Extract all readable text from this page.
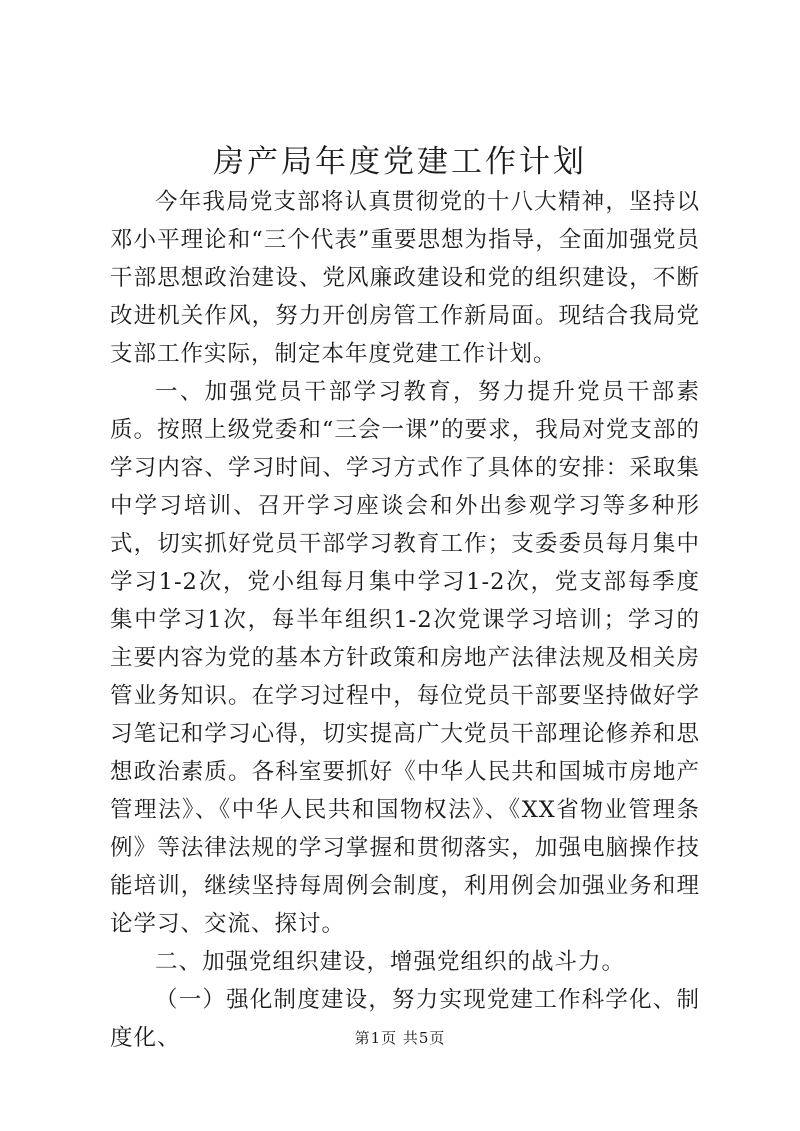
房产局年度党建工作计划

今年我局党支部将认真贯彻党的十八大精神，坚持以邓小平理论和“三个代表”重要思想为指导，全面加强党员干部思想政治建设、党风廉政建设和党的组织建设，不断改进机关作风，努力开创房管工作新局面。现结合我局党支部工作实际，制定本年度党建工作计划。

一、加强党员干部学习教育，努力提升党员干部素质。按照上级党委和“三会一课”的要求，我局对党支部的学习内容、学习时间、学习方式作了具体的安排：采取集中学习培训、召开学习座谈会和外出参观学习等多种形式，切实抓好党员干部学习教育工作；支委委员每月集中学习1-2次，党小组每月集中学习1-2次，党支部每季度集中学习1次，每半年组织1-2次党课学习培训；学习的主要内容为党的基本方针政策和房地产法律法规及相关房管业务知识。在学习过程中，每位党员干部要坚持做好学习笔记和学习心得，切实提高广大党员干部理论修养和思想政治素质。各科室要抓好《中华人民共和国城市房地产管理法》、《中华人民共和国物权法》、《XX省物业管理条例》等法律法规的学习掌握和贯彻落实，加强电脑操作技能培训，继续坚持每周例会制度，利用例会加强业务和理论学习、交流、探讨。

二、加强党组织建设，增强党组织的战斗力。

（一）强化制度建设，努力实现党建工作科学化、制度化、	第1页 共5页
